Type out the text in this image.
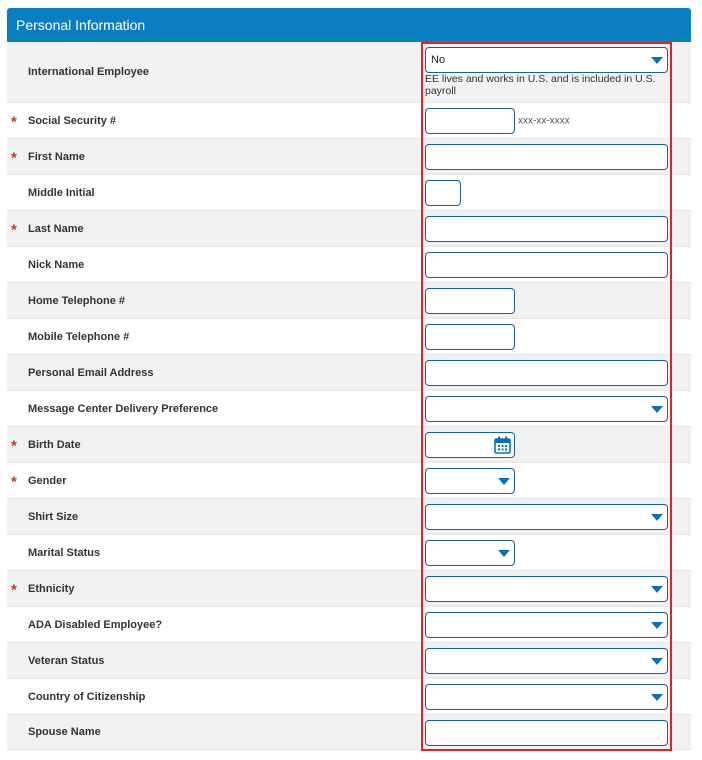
Personal Information
International Employee
No
EE lives and works in U.S. and is included in U.S. payroll
* Social Security #	xxx-xx-xxxx
* First Name
Middle Initial
* Last Name
Nick Name
Home Telephone #
Mobile Telephone #
Personal Email Address
Message Center Delivery Preference
* Birth Date
* Gender
Shirt Size
Marital Status
* Ethnicity
ADA Disabled Employee?
Veteran Status
Country of Citizenship
Spouse Name
